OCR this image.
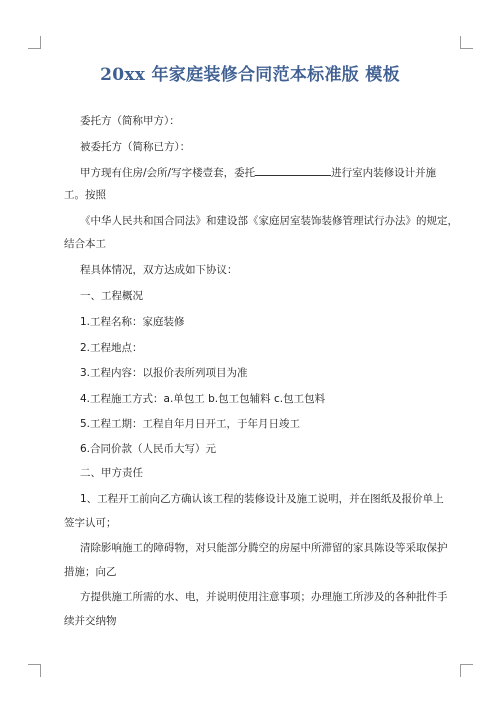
20xx 年家庭装修合同范本标准版 模板
委托方（简称甲方）：
被委托方（简称已方）：
甲方现有住房/会所/写字楼壹套，委托	进行室内装修设计并施
工。按照
《中华人民共和国合同法》和建设部《家庭居室装饰装修管理试行办法》的规定，
结合本工
程具体情况，双方达成如下协议：
一、工程概况
1.工程名称：家庭装修
2.工程地点：
3.工程内容：以报价表所列项目为准
4.工程施工方式：a.单包工 b.包工包辅料 c.包工包料
5.工程工期：工程自年月日开工，于年月日竣工
6.合同价款（人民币大写）元
二、甲方责任
1、工程开工前向乙方确认该工程的装修设计及施工说明，并在图纸及报价单上
签字认可；
清除影响施工的障碍物，对只能部分腾空的房屋中所滞留的家具陈设等采取保护
措施；向乙
方提供施工所需的水、电，并说明使用注意事项；办理施工所涉及的各种批件手
续并交纳物
